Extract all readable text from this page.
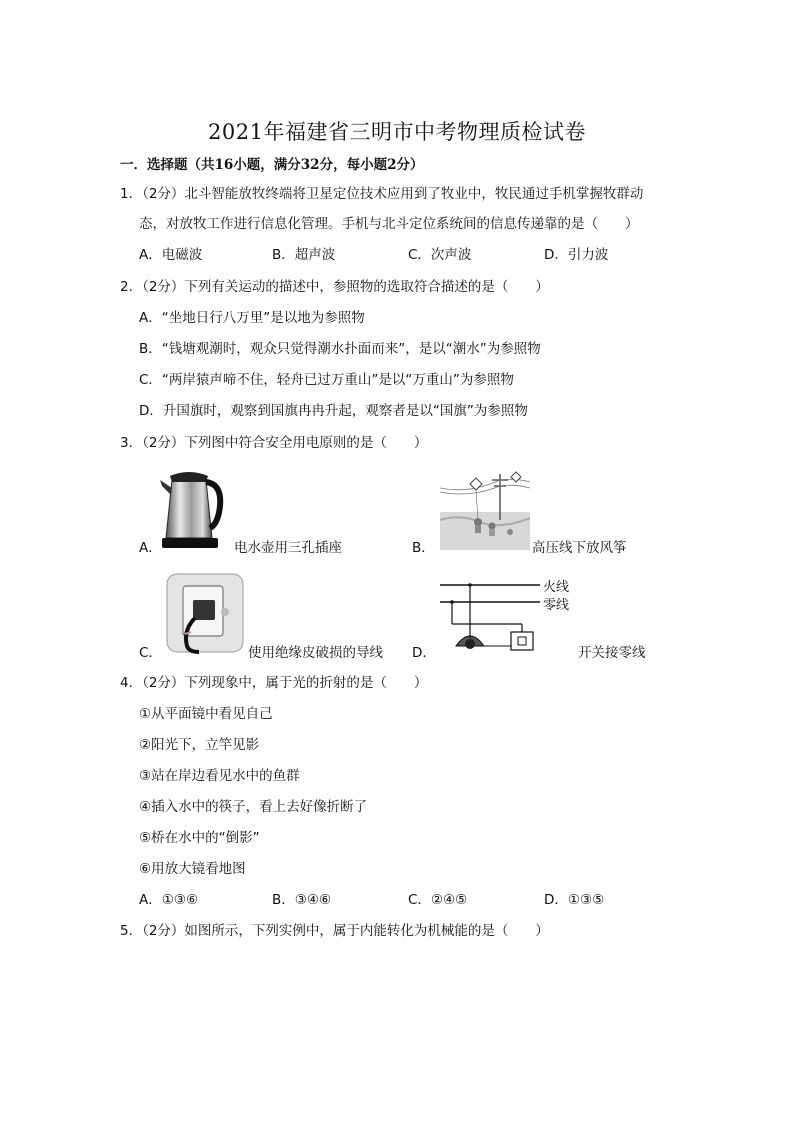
2021年福建省三明市中考物理质检试卷
一．选择题（共16小题，满分32分，每小题2分）
1．（2分）北斗智能放牧终端将卫星定位技术应用到了牧业中，牧民通过手机掌握牧群动
态，对放牧工作进行信息化管理。手机与北斗定位系统间的信息传递靠的是（　　）
A．电磁波	B．超声波	C．次声波	D．引力波
2．（2分）下列有关运动的描述中，参照物的选取符合描述的是（　　）
A．“坐地日行八万里”是以地为参照物
B．“钱塘观潮时，观众只觉得潮水扑面而来”，是以“潮水”为参照物
C．“两岸猿声啼不住，轻舟已过万重山”是以“万重山”为参照物
D．升国旗时，观察到国旗冉冉升起，观察者是以“国旗”为参照物
3．（2分）下列图中符合安全用电原则的是（　　）
A．	电水壶用三孔插座	B．	高压线下放风筝
C．	使用绝缘皮破损的导线 D．
火线
零线
开关接零线
4．（2分）下列现象中，属于光的折射的是（　　）
①从平面镜中看见自己
②阳光下，立竿见影
③站在岸边看见水中的鱼群
④插入水中的筷子，看上去好像折断了
⑤桥在水中的“倒影”
⑥用放大镜看地图
A．①③⑥	B．③④⑥	C．②④⑤	D．①③⑤
5．（2分）如图所示，下列实例中，属于内能转化为机械能的是（　　）
